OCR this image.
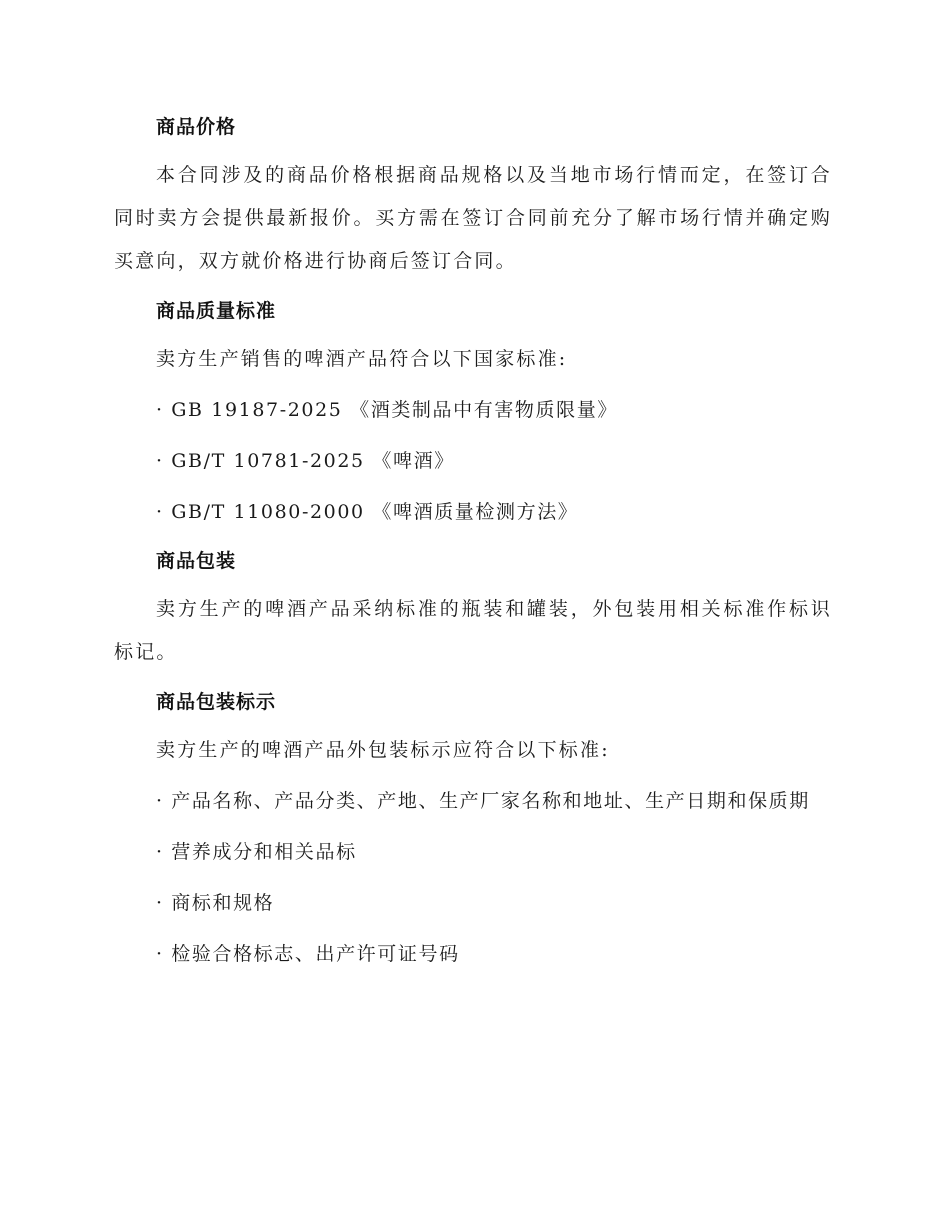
商品价格

本合同涉及的商品价格根据商品规格以及当地市场行情而定，在签订合同时卖方会提供最新报价。买方需在签订合同前充分了解市场行情并确定购买意向，双方就价格进行协商后签订合同。

商品质量标准

卖方生产销售的啤酒产品符合以下国家标准:

· GB 19187-2025 《酒类制品中有害物质限量》

· GB/T 10781-2025 《啤酒》

· GB/T 11080-2000 《啤酒质量检测方法》

商品包装

卖方生产的啤酒产品采纳标准的瓶装和罐装，外包装用相关标准作标识标记。

商品包装标示

卖方生产的啤酒产品外包装标示应符合以下标准:

· 产品名称、产品分类、产地、生产厂家名称和地址、生产日期和保质期

· 营养成分和相关品标

· 商标和规格

· 检验合格标志、出产许可证号码
